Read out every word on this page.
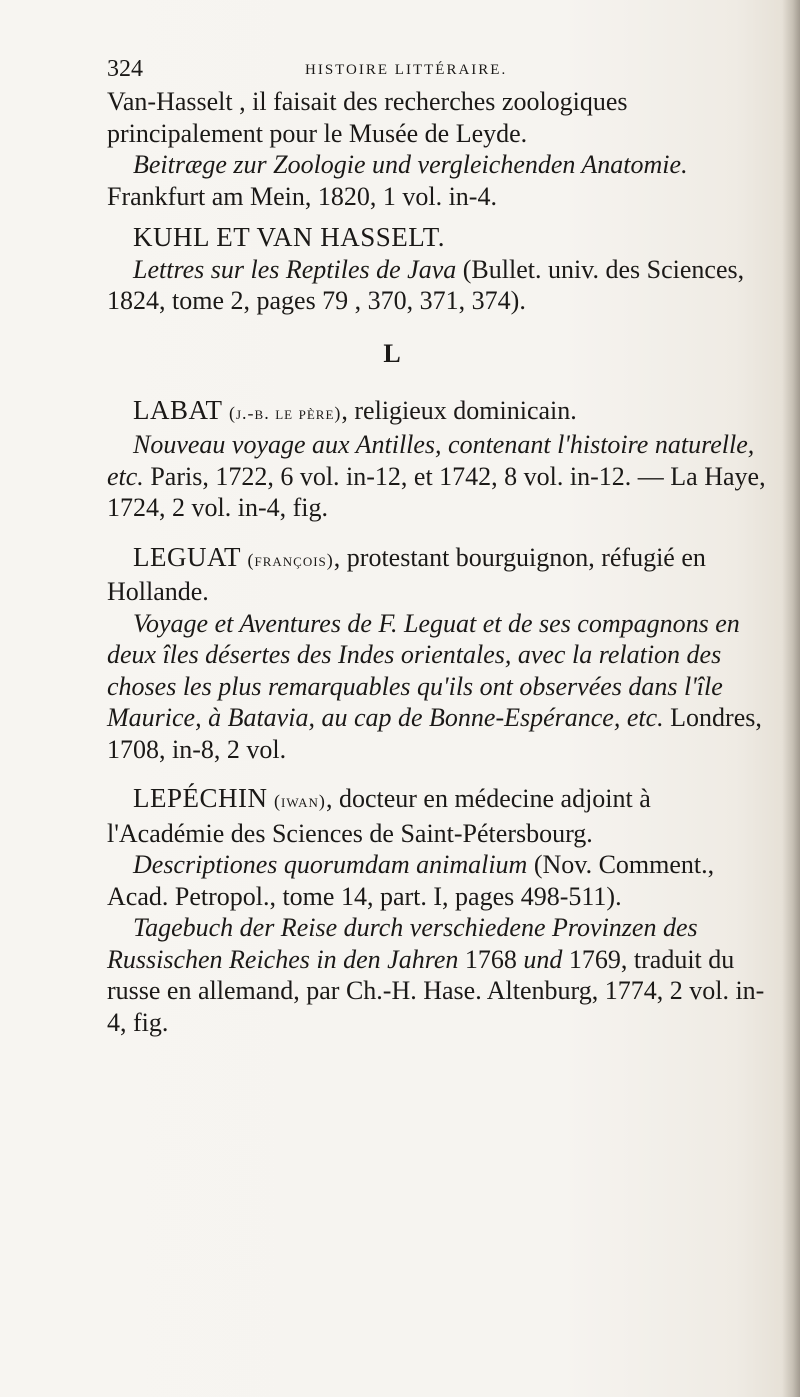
324	HISTOIRE LITTÉRAIRE.

Van-Hasselt , il faisait des recherches zoologiques principalement pour le Musée de Leyde.

Beitræge zur Zoologie und vergleichenden Anatomie. Frankfurt am Mein, 1820, 1 vol. in-4.

KUHL ET VAN HASSELT.

Lettres sur les Reptiles de Java (Bullet. univ. des Sciences, 1824, tome 2, pages 79 , 370, 371, 374).

L

LABAT (j.-b. le père), religieux dominicain.

Nouveau voyage aux Antilles, contenant l'histoire naturelle, etc. Paris, 1722, 6 vol. in-12, et 1742, 8 vol. in-12. — La Haye, 1724, 2 vol. in-4, fig.

LEGUAT (françois), protestant bourguignon, réfugié en Hollande.

Voyage et Aventures de F. Leguat et de ses compagnons en deux îles désertes des Indes orientales, avec la relation des choses les plus remarquables qu'ils ont observées dans l'île Maurice, à Batavia, au cap de Bonne-Espérance, etc. Londres, 1708, in-8, 2 vol.

LEPÉCHIN (iwan), docteur en médecine adjoint à l'Académie des Sciences de Saint-Pétersbourg.

Descriptiones quorumdam animalium (Nov. Comment., Acad. Petropol., tome 14, part. I, pages 498-511).

Tagebuch der Reise durch verschiedene Provinzen des Russischen Reiches in den Jahren 1768 und 1769, traduit du russe en allemand, par Ch.-H. Hase. Altenburg, 1774, 2 vol. in-4, fig.
